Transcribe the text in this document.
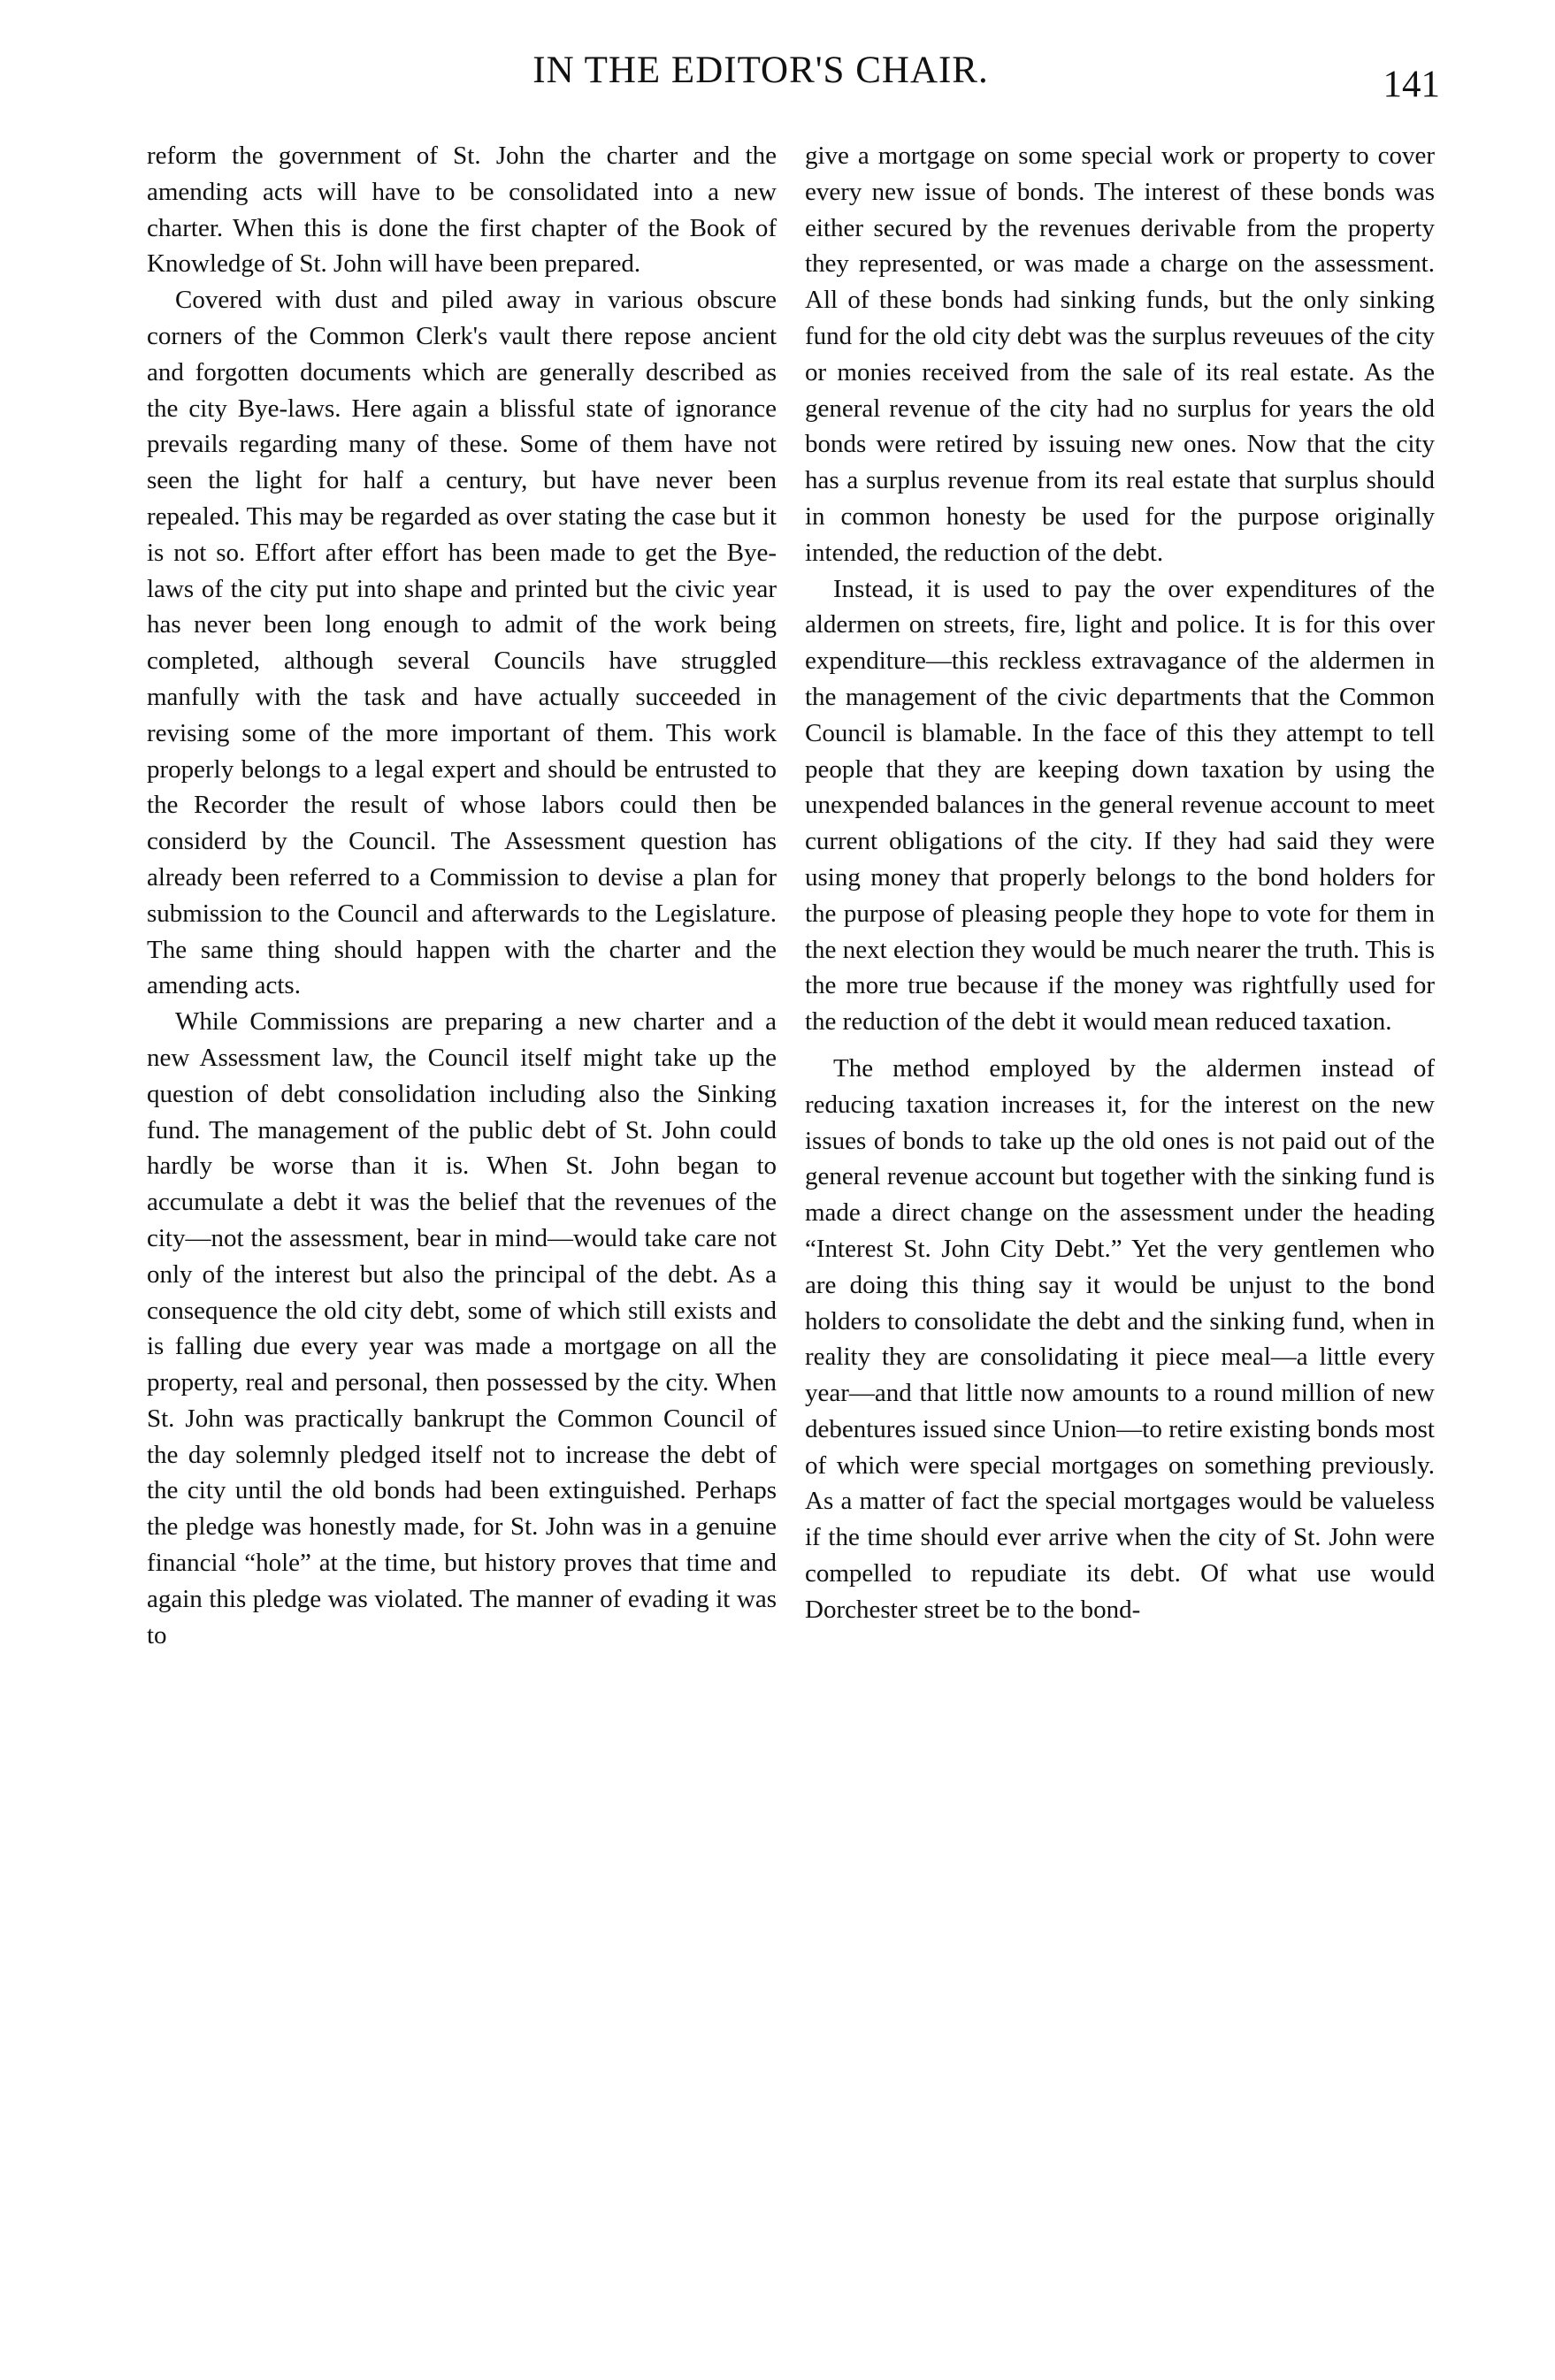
IN THE EDITOR'S CHAIR.	141

reform the government of St. John the charter and the amending acts will have to be consolidated into a new charter. When this is done the first chapter of the Book of Knowledge of St. John will have been prepared.

Covered with dust and piled away in various obscure corners of the Common Clerk's vault there repose ancient and forgotten documents which are generally described as the city Bye-laws. Here again a blissful state of ignorance prevails regarding many of these. Some of them have not seen the light for half a century, but have never been repealed. This may be regarded as over stating the case but it is not so. Effort after effort has been made to get the Bye-laws of the city put into shape and printed but the civic year has never been long enough to admit of the work being completed, although several Councils have struggled manfully with the task and have actually succeeded in revising some of the more important of them. This work properly belongs to a legal expert and should be entrusted to the Recorder the result of whose labors could then be considerd by the Council. The Assessment question has already been referred to a Commission to devise a plan for submission to the Council and afterwards to the Legislature. The same thing should happen with the charter and the amending acts.

While Commissions are preparing a new charter and a new Assessment law, the Council itself might take up the question of debt consolidation including also the Sinking fund. The management of the public debt of St. John could hardly be worse than it is. When St. John began to accumulate a debt it was the belief that the revenues of the city—not the assessment, bear in mind—would take care not only of the interest but also the principal of the debt. As a consequence the old city debt, some of which still exists and is falling due every year was made a mortgage on all the property, real and personal, then possessed by the city. When St. John was practically bankrupt the Common Council of the day solemnly pledged itself not to increase the debt of the city until the old bonds had been extinguished. Perhaps the pledge was honestly made, for St. John was in a genuine financial “hole” at the time, but history proves that time and again this pledge was violated. The manner of evading it was to

give a mortgage on some special work or property to cover every new issue of bonds. The interest of these bonds was either secured by the revenues derivable from the property they represented, or was made a charge on the assessment. All of these bonds had sinking funds, but the only sinking fund for the old city debt was the surplus reveuues of the city or monies received from the sale of its real estate. As the general revenue of the city had no surplus for years the old bonds were retired by issuing new ones. Now that the city has a surplus revenue from its real estate that surplus should in common honesty be used for the purpose originally intended, the reduction of the debt.

Instead, it is used to pay the over expenditures of the aldermen on streets, fire, light and police. It is for this over expenditure—this reckless extravagance of the aldermen in the management of the civic departments that the Common Council is blamable. In the face of this they attempt to tell people that they are keeping down taxation by using the unexpended balances in the general revenue account to meet current obligations of the city. If they had said they were using money that properly belongs to the bond holders for the purpose of pleasing people they hope to vote for them in the next election they would be much nearer the truth. This is the more true because if the money was rightfully used for the reduction of the debt it would mean reduced taxation.

The method employed by the aldermen instead of reducing taxation increases it, for the interest on the new issues of bonds to take up the old ones is not paid out of the general revenue account but together with the sinking fund is made a direct change on the assessment under the heading “Interest St. John City Debt.” Yet the very gentlemen who are doing this thing say it would be unjust to the bond holders to consolidate the debt and the sinking fund, when in reality they are consolidating it piece meal—a little every year—and that little now amounts to a round million of new debentures issued since Union—to retire existing bonds most of which were special mortgages on something previously. As a matter of fact the special mortgages would be valueless if the time should ever arrive when the city of St. John were compelled to repudiate its debt. Of what use would Dorchester street be to the bond-
